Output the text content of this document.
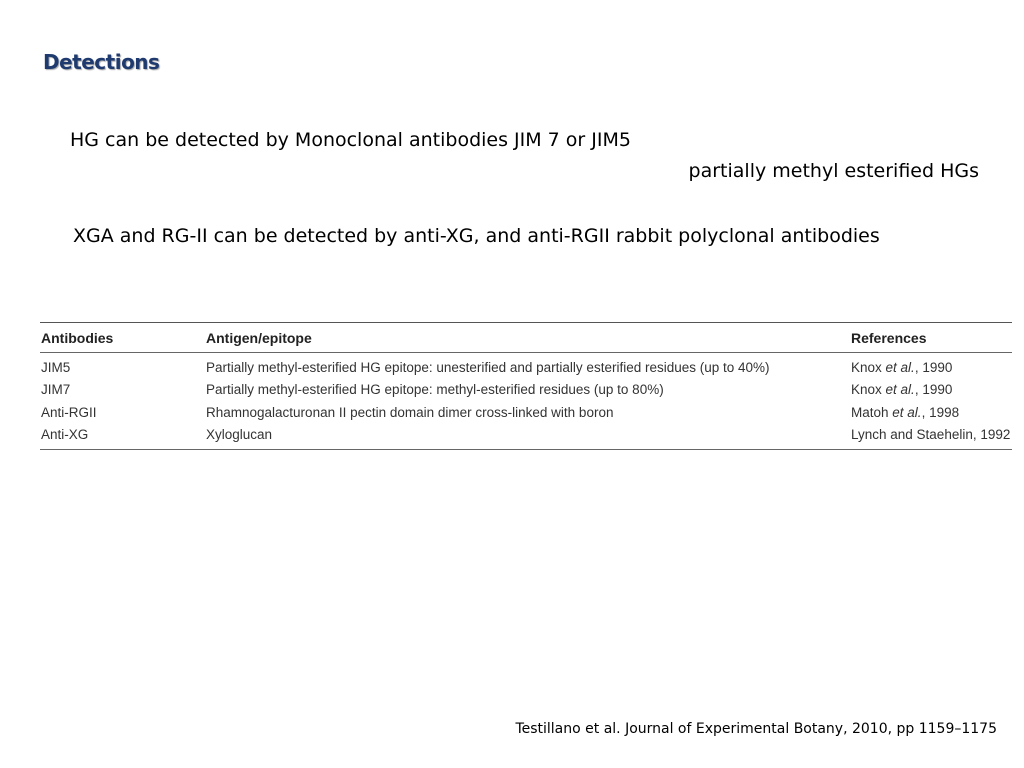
Detections
HG can be detected by Monoclonal antibodies JIM 7 or JIM5
partially methyl esterified HGs
XGA and RG-II can be detected by anti-XG, and anti-RGII rabbit polyclonal antibodies
Antibodies	Antigen/epitope	References
JIM5	Partially methyl-esterified HG epitope: unesterified and partially esterified residues (up to 40%)	Knox et al., 1990
JIM7	Partially methyl-esterified HG epitope: methyl-esterified residues (up to 80%)	Knox et al., 1990
Anti-RGII	Rhamnogalacturonan II pectin domain dimer cross-linked with boron	Matoh et al., 1998
Anti-XG	Xyloglucan	Lynch and Staehelin, 1992
Testillano et al. Journal of Experimental Botany, 2010, pp 1159–1175
